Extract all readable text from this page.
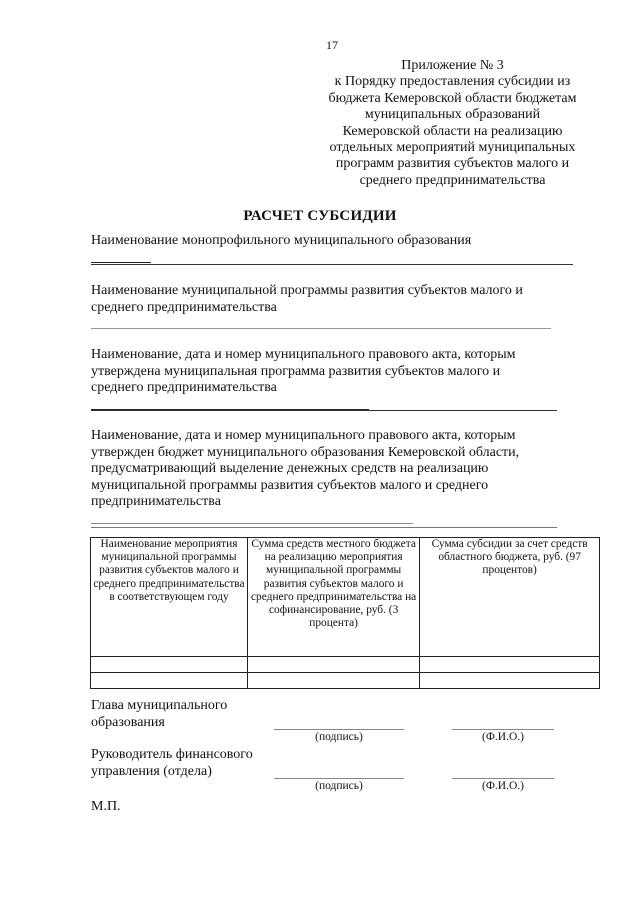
17
Приложение № 3
к Порядку предоставления субсидии из
бюджета Кемеровской области бюджетам
муниципальных образований
Кемеровской области на реализацию
отдельных мероприятий муниципальных
программ развития субъектов малого и
среднего предпринимательства
РАСЧЕТ СУБСИДИИ
Наименование монопрофильного муниципального образования
Наименование муниципальной программы развития субъектов малого и
среднего предпринимательства
Наименование, дата и номер муниципального правового акта, которым
утверждена муниципальная программа развития субъектов малого и
среднего предпринимательства
Наименование, дата и номер муниципального правового акта, которым
утвержден бюджет муниципального образования Кемеровской области,
предусматривающий выделение денежных средств на реализацию
муниципальной программы развития субъектов малого и среднего
предпринимательства
Наименование мероприятия муниципальной программы развития субъектов малого и среднего предпринимательства в соответствующем году	Сумма средств местного бюджета на реализацию мероприятия муниципальной программы развития субъектов малого и среднего предпринимательства на софинансирование, руб. (3 процента)	Сумма субсидии за счет средств областного бюджета, руб. (97 процентов)

Глава муниципального
образования
(подпись)	(Ф.И.О.)
Руководитель финансового
управления (отдела)
(подпись)	(Ф.И.О.)
М.П.
